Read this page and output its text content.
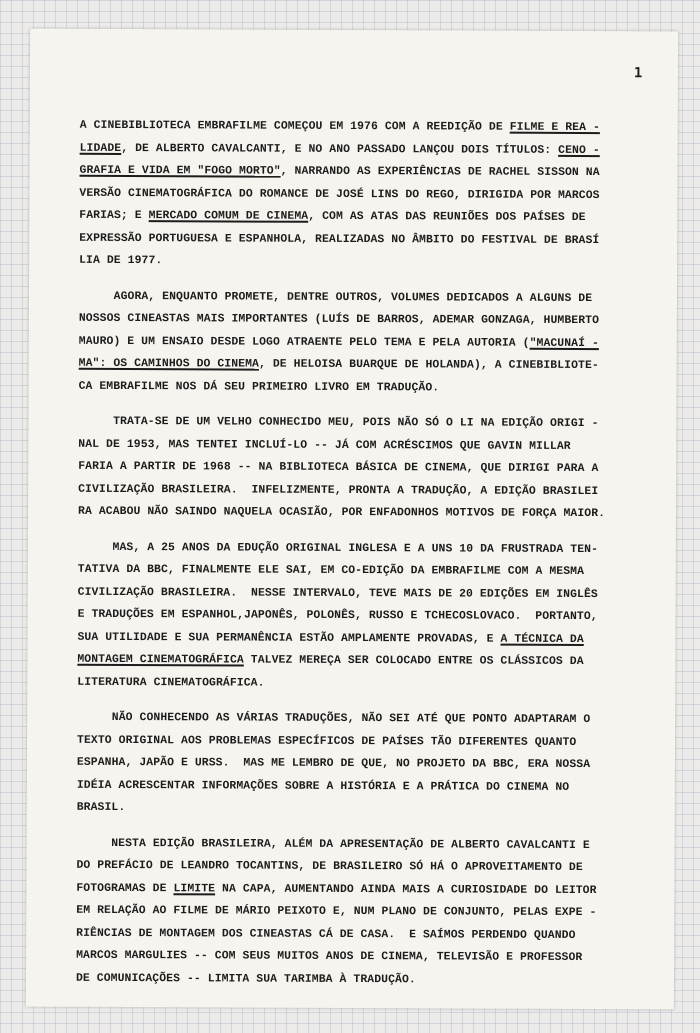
1
A CINEBIBLIOTECA EMBRAFILME COMEÇOU EM 1976 COM A REEDIÇÃO DE FILME E REA -
LIDADE, DE ALBERTO CAVALCANTI, E NO ANO PASSADO LANÇOU DOIS TÍTULOS: CENO -
GRAFIA E VIDA EM "FOGO MORTO", NARRANDO AS EXPERIÊNCIAS DE RACHEL SISSON NA
VERSÃO CINEMATOGRÁFICA DO ROMANCE DE JOSÉ LINS DO REGO, DIRIGIDA POR MARCOS
FARIAS; E MERCADO COMUM DE CINEMA, COM AS ATAS DAS REUNIÕES DOS PAÍSES DE
EXPRESSÃO PORTUGUESA E ESPANHOLA, REALIZADAS NO ÂMBITO DO FESTIVAL DE BRASÍ
LIA DE 1977.
AGORA, ENQUANTO PROMETE, DENTRE OUTROS, VOLUMES DEDICADOS A ALGUNS DE
NOSSOS CINEASTAS MAIS IMPORTANTES (LUÍS DE BARROS, ADEMAR GONZAGA, HUMBERTO
MAURO) E UM ENSAIO DESDE LOGO ATRAENTE PELO TEMA E PELA AUTORIA ("MACUNAÍ -
MA": OS CAMINHOS DO CINEMA, DE HELOISA BUARQUE DE HOLANDA), A CINEBIBLIOTE-
CA EMBRAFILME NOS DÁ SEU PRIMEIRO LIVRO EM TRADUÇÃO.
TRATA-SE DE UM VELHO CONHECIDO MEU, POIS NÃO SÓ O LI NA EDIÇÃO ORIGI -
NAL DE 1953, MAS TENTEI INCLUÍ-LO -- JÁ COM ACRÉSCIMOS QUE GAVIN MILLAR
FARIA A PARTIR DE 1968 -- NA BIBLIOTECA BÁSICA DE CINEMA, QUE DIRIGI PARA A
CIVILIZAÇÃO BRASILEIRA.  INFELIZMENTE, PRONTA A TRADUÇÃO, A EDIÇÃO BRASILEI
RA ACABOU NÃO SAINDO NAQUELA OCASIÃO, POR ENFADONHOS MOTIVOS DE FORÇA MAIOR.
MAS, A 25 ANOS DA EDUÇÃO ORIGINAL INGLESA E A UNS 10 DA FRUSTRADA TEN-
TATIVA DA BBC, FINALMENTE ELE SAI, EM CO-EDIÇÃO DA EMBRAFILME COM A MESMA
CIVILIZAÇÃO BRASILEIRA.  NESSE INTERVALO, TEVE MAIS DE 20 EDIÇÕES EM INGLÊS
E TRADUÇÕES EM ESPANHOL,JAPONÊS, POLONÊS, RUSSO E TCHECOSLOVACO.  PORTANTO,
SUA UTILIDADE E SUA PERMANÊNCIA ESTÃO AMPLAMENTE PROVADAS, E A TÉCNICA DA
MONTAGEM CINEMATOGRÁFICA TALVEZ MEREÇA SER COLOCADO ENTRE OS CLÁSSICOS DA
LITERATURA CINEMATOGRÁFICA.
NÃO CONHECENDO AS VÁRIAS TRADUÇÕES, NÃO SEI ATÉ QUE PONTO ADAPTARAM O
TEXTO ORIGINAL AOS PROBLEMAS ESPECÍFICOS DE PAÍSES TÃO DIFERENTES QUANTO
ESPANHA, JAPÃO E URSS.  MAS ME LEMBRO DE QUE, NO PROJETO DA BBC, ERA NOSSA
IDÉIA ACRESCENTAR INFORMAÇÕES SOBRE A HISTÓRIA E A PRÁTICA DO CINEMA NO
BRASIL.
NESTA EDIÇÃO BRASILEIRA, ALÉM DA APRESENTAÇÃO DE ALBERTO CAVALCANTI E
DO PREFÁCIO DE LEANDRO TOCANTINS, DE BRASILEIRO SÓ HÁ O APROVEITAMENTO DE
FOTOGRAMAS DE LIMITE NA CAPA, AUMENTANDO AINDA MAIS A CURIOSIDADE DO LEITOR
EM RELAÇÃO AO FILME DE MÁRIO PEIXOTO E, NUM PLANO DE CONJUNTO, PELAS EXPE -
RIÊNCIAS DE MONTAGEM DOS CINEASTAS CÁ DE CASA.  E SAÍMOS PERDENDO QUANDO
MARCOS MARGULIES -- COM SEUS MUITOS ANOS DE CINEMA, TELEVISÃO E PROFESSOR
DE COMUNICAÇÕES -- LIMITA SUA TARIMBA À TRADUÇÃO.
